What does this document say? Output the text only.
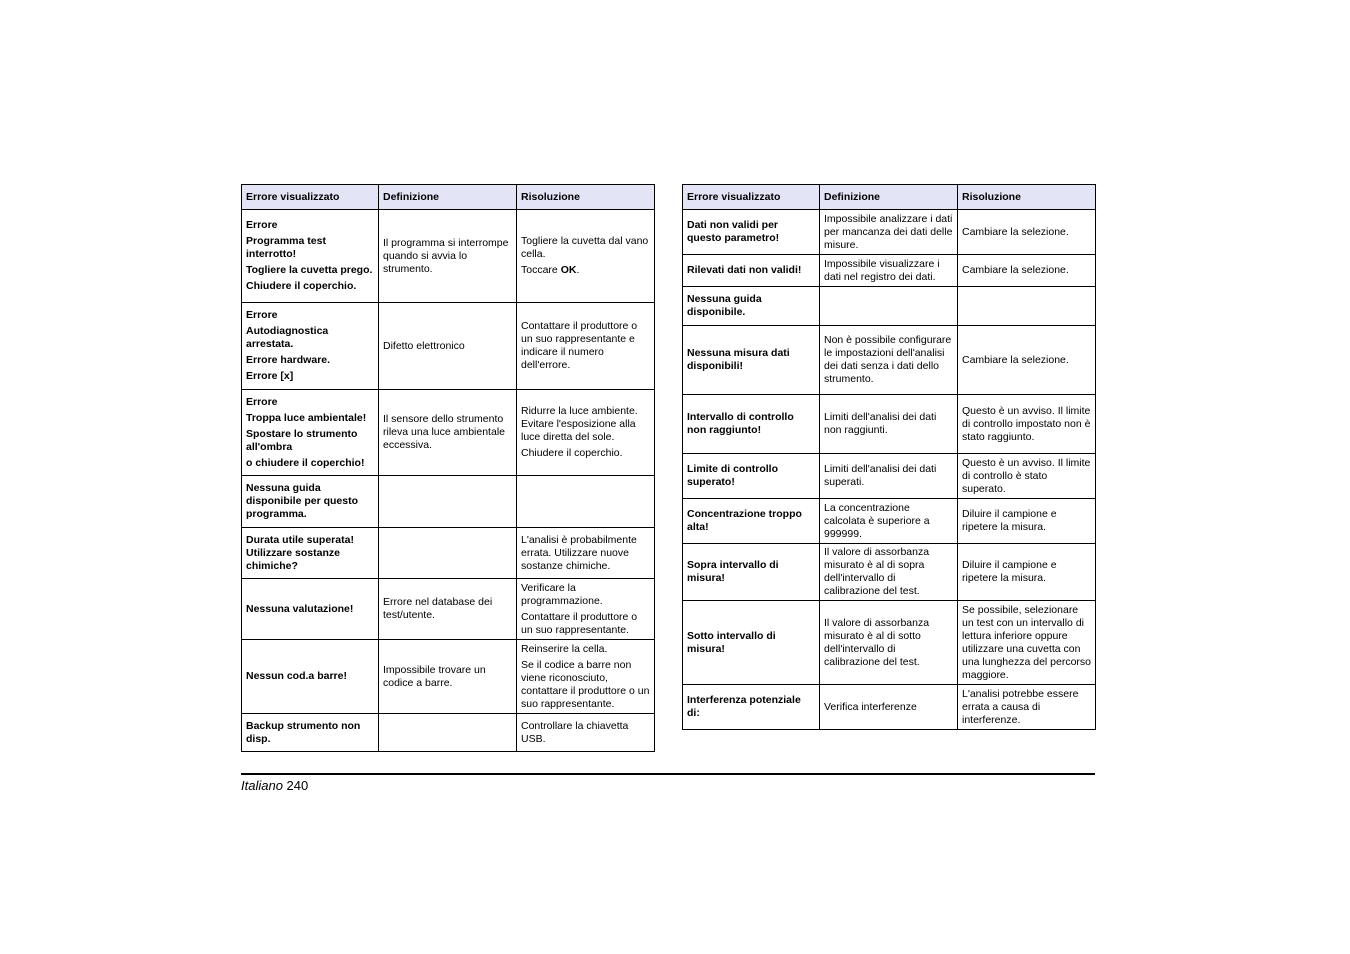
Errore visualizzato	Definizione	Risoluzione

Errore
Programma test interrotto!
Togliere la cuvetta prego.
Chiudere il coperchio.	Il programma si interrompe quando si avvia lo strumento.	Togliere la cuvetta dal vano cella.
Toccare OK.

Errore
Autodiagnostica arrestata.
Errore hardware.
Errore [x]	Difetto elettronico	Contattare il produttore o un suo rappresentante e indicare il numero dell'errore.

Errore
Troppa luce ambientale!
Spostare lo strumento all'ombra
o chiudere il coperchio!	Il sensore dello strumento rileva una luce ambientale eccessiva.	Ridurre la luce ambiente. Evitare l'esposizione alla luce diretta del sole.
Chiudere il coperchio.

Nessuna guida disponibile per questo programma.		

Durata utile superata! Utilizzare sostanze chimiche?		L'analisi è probabilmente errata. Utilizzare nuove sostanze chimiche.

Nessuna valutazione!	Errore nel database dei test/utente.	Verificare la programmazione.
Contattare il produttore o un suo rappresentante.

Nessun cod.a barre!	Impossibile trovare un codice a barre.	Reinserire la cella.
Se il codice a barre non viene riconosciuto, contattare il produttore o un suo rappresentante.

Backup strumento non disp.		Controllare la chiavetta USB.
Errore visualizzato	Definizione	Risoluzione

Dati non validi per questo parametro!	Impossibile analizzare i dati per mancanza dei dati delle misure.	Cambiare la selezione.

Rilevati dati non validi!	Impossibile visualizzare i dati nel registro dei dati.	Cambiare la selezione.

Nessuna guida disponibile.		

Nessuna misura dati disponibili!	Non è possibile configurare le impostazioni dell'analisi dei dati senza i dati dello strumento.	Cambiare la selezione.

Intervallo di controllo non raggiunto!	Limiti dell'analisi dei dati non raggiunti.	Questo è un avviso. Il limite di controllo impostato non è stato raggiunto.

Limite di controllo superato!	Limiti dell'analisi dei dati superati.	Questo è un avviso. Il limite di controllo è stato superato.

Concentrazione troppo alta!	La concentrazione calcolata è superiore a 999999.	Diluire il campione e ripetere la misura.

Sopra intervallo di misura!	Il valore di assorbanza misurato è al di sopra dell'intervallo di calibrazione del test.	Diluire il campione e ripetere la misura.

Sotto intervallo di misura!	Il valore di assorbanza misurato è al di sotto dell'intervallo di calibrazione del test.	Se possibile, selezionare un test con un intervallo di lettura inferiore oppure utilizzare una cuvetta con una lunghezza del percorso maggiore.

Interferenza potenziale di:	Verifica interferenze	L'analisi potrebbe essere errata a causa di interferenze.
Italiano 240
